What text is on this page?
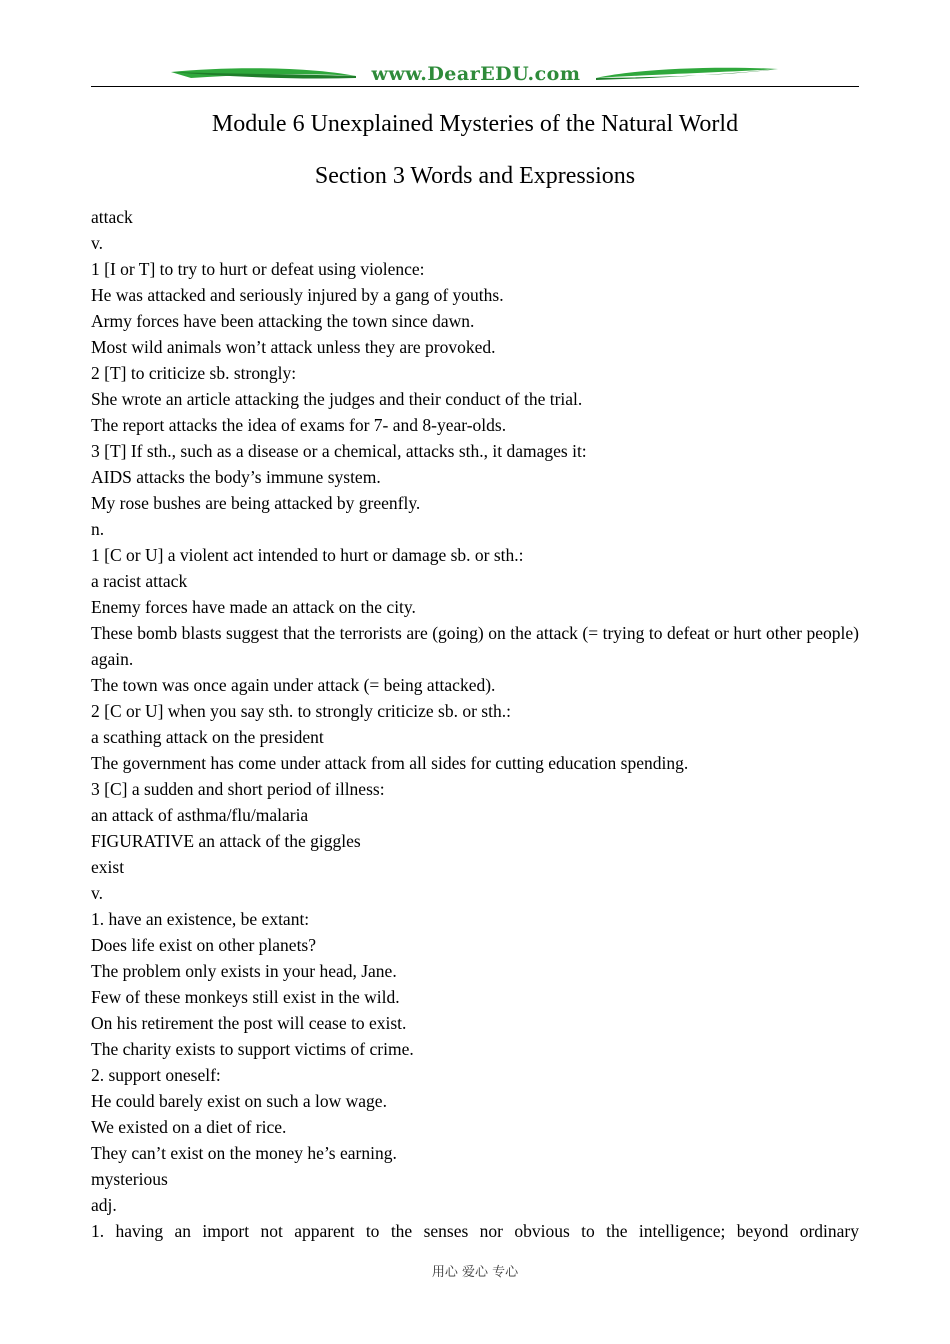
www.DearEDU.com
Module 6 Unexplained Mysteries of the Natural World
Section 3 Words and Expressions
attack
v.
1 [I or T] to try to hurt or defeat using violence:
He was attacked and seriously injured by a gang of youths.
Army forces have been attacking the town since dawn.
Most wild animals won’t attack unless they are provoked.
2 [T] to criticize sb. strongly:
She wrote an article attacking the judges and their conduct of the trial.
The report attacks the idea of exams for 7- and 8-year-olds.
3 [T] If sth., such as a disease or a chemical, attacks sth., it damages it:
AIDS attacks the body’s immune system.
My rose bushes are being attacked by greenfly.
n.
1 [C or U] a violent act intended to hurt or damage sb. or sth.:
a racist attack
Enemy forces have made an attack on the city.
These bomb blasts suggest that the terrorists are (going) on the attack (= trying to defeat or hurt other people) again.
The town was once again under attack (= being attacked).
2 [C or U] when you say sth. to strongly criticize sb. or sth.:
a scathing attack on the president
The government has come under attack from all sides for cutting education spending.
3 [C] a sudden and short period of illness:
an attack of asthma/flu/malaria
FIGURATIVE an attack of the giggles
exist
v.
1. have an existence, be extant:
Does life exist on other planets?
The problem only exists in your head, Jane.
Few of these monkeys still exist in the wild.
On his retirement the post will cease to exist.
The charity exists to support victims of crime.
2. support oneself:
He could barely exist on such a low wage.
We existed on a diet of rice.
They can’t exist on the money he’s earning.
mysterious
adj.
1. having an import not apparent to the senses nor obvious to the intelligence; beyond ordinary
用心 爱心 专心
